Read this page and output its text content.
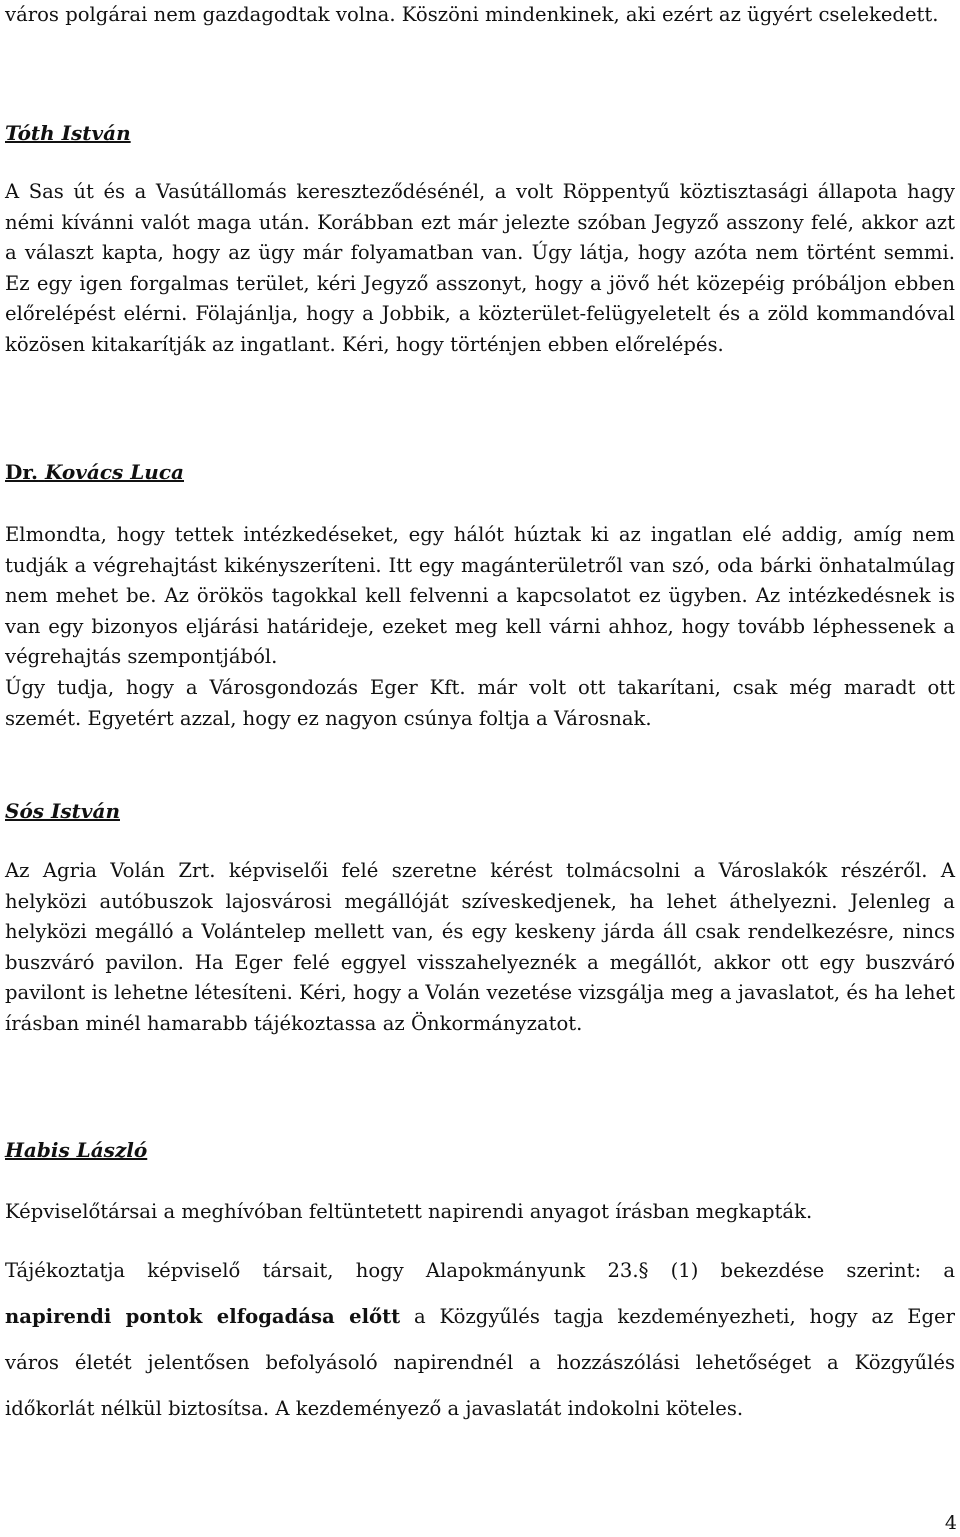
város polgárai nem gazdagodtak volna. Köszöni mindenkinek, aki ezért az ügyért cselekedett.

Tóth István

A Sas út és a Vasútállomás kereszteződésénél, a volt Röppentyű köztisztasági állapota hagy némi kívánni valót maga után. Korábban ezt már jelezte szóban Jegyző asszony felé, akkor azt a választ kapta, hogy az ügy már folyamatban van. Úgy látja, hogy azóta nem történt semmi. Ez egy igen forgalmas terület, kéri Jegyző asszonyt, hogy a jövő hét közepéig próbáljon ebben előrelépést elérni. Fölajánlja, hogy a Jobbik, a közterület-felügyeletelt és a zöld kommandóval közösen kitakarítják az ingatlant. Kéri, hogy történjen ebben előrelépés.

Dr. Kovács Luca

Elmondta, hogy tettek intézkedéseket, egy hálót húztak ki az ingatlan elé addig, amíg nem tudják a végrehajtást kikényszeríteni. Itt egy magánterületről van szó, oda bárki önhatalmúlag nem mehet be. Az örökös tagokkal kell felvenni a kapcsolatot ez ügyben. Az intézkedésnek is van egy bizonyos eljárási határideje, ezeket meg kell várni ahhoz, hogy tovább léphessenek a végrehajtás szempontjából.

Úgy tudja, hogy a Városgondozás Eger Kft. már volt ott takarítani, csak még maradt ott szemét. Egyetért azzal, hogy ez nagyon csúnya foltja a Városnak.

Sós István

Az Agria Volán Zrt. képviselői felé szeretne kérést tolmácsolni a Városlakók részéről. A helyközi autóbuszok lajosvárosi megállóját szíveskedjenek, ha lehet áthelyezni. Jelenleg a helyközi megálló a Volántelep mellett van, és egy keskeny járda áll csak rendelkezésre, nincs buszváró pavilon. Ha Eger felé eggyel visszahelyeznék a megállót, akkor ott egy buszváró pavilont is lehetne létesíteni. Kéri, hogy a Volán vezetése vizsgálja meg a javaslatot, és ha lehet írásban minél hamarabb tájékoztassa az Önkormányzatot.

Habis László

Képviselőtársai a meghívóban feltüntetett napirendi anyagot írásban megkapták.

Tájékoztatja képviselő társait, hogy Alapokmányunk 23.§ (1) bekezdése szerint: a
napirendi pontok elfogadása előtt a Közgyűlés tagja kezdeményezheti, hogy az Eger
város életét jelentősen befolyásoló napirendnél a hozzászólási lehetőséget a Közgyűlés
időkorlát nélkül biztosítsa. A kezdeményező a javaslatát indokolni köteles.
4
